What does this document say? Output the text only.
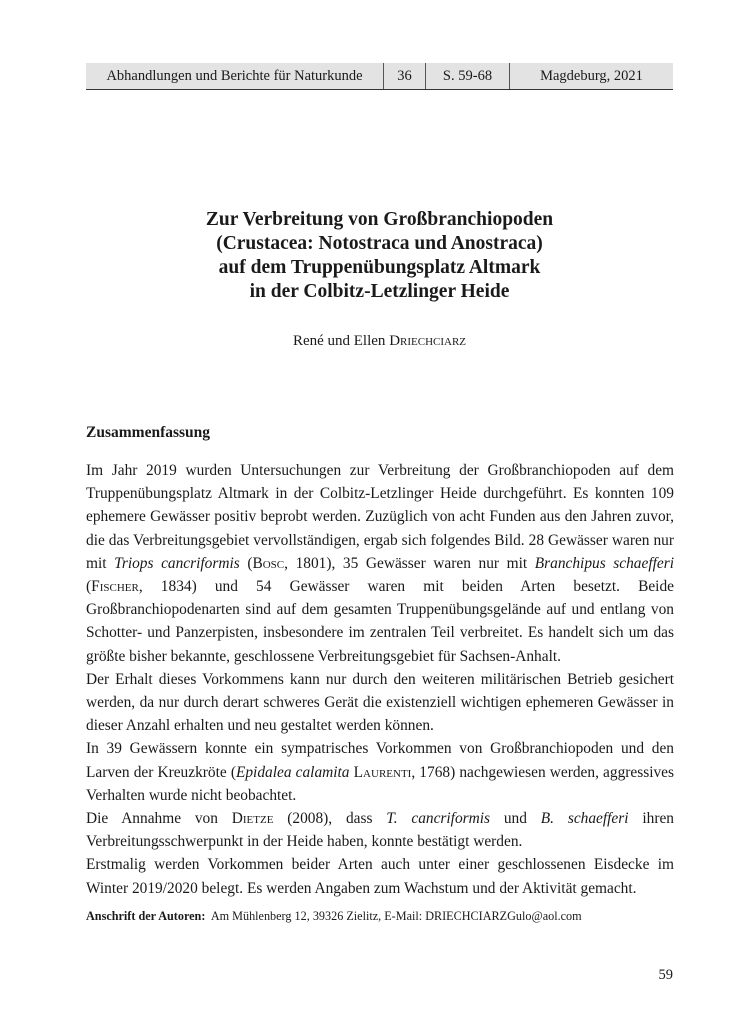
Abhandlungen und Berichte für Naturkunde	36	S. 59-68	Magdeburg, 2021
Zur Verbreitung von Großbranchiopoden
(Crustacea: Notostraca und Anostraca)
auf dem Truppenübungsplatz Altmark
in der Colbitz-Letzlinger Heide
René und Ellen Driechciarz
Zusammenfassung

Im Jahr 2019 wurden Untersuchungen zur Verbreitung der Großbranchiopoden auf dem Truppenübungsplatz Altmark in der Colbitz-Letzlinger Heide durchgeführt. Es konnten 109 ephemere Gewässer positiv beprobt werden. Zuzüglich von acht Funden aus den Jahren zuvor, die das Verbreitungsgebiet vervollständigen, ergab sich folgendes Bild. 28 Gewässer waren nur mit Triops cancriformis (Bosc, 1801), 35 Gewässer waren nur mit Branchipus schaefferi (Fischer, 1834) und 54 Gewässer waren mit beiden Arten besetzt. Beide Großbranchiopodenarten sind auf dem gesamten Truppenübungsgelände auf und entlang von Schotter- und Panzerpisten, insbesondere im zentralen Teil verbreitet. Es handelt sich um das größte bisher bekannte, geschlossene Verbreitungsgebiet für Sachsen-Anhalt.

Der Erhalt dieses Vorkommens kann nur durch den weiteren militärischen Betrieb gesichert werden, da nur durch derart schweres Gerät die existenziell wichtigen ephemeren Gewässer in dieser Anzahl erhalten und neu gestaltet werden können.

In 39 Gewässern konnte ein sympatrisches Vorkommen von Großbranchiopoden und den Larven der Kreuzkröte (Epidalea calamita Laurenti, 1768) nachgewiesen werden, aggressives Verhalten wurde nicht beobachtet.

Die Annahme von Dietze (2008), dass T. cancriformis und B. schaefferi ihren Verbreitungsschwerpunkt in der Heide haben, konnte bestätigt werden.

Erstmalig werden Vorkommen beider Arten auch unter einer geschlossenen Eisdecke im Winter 2019/2020 belegt. Es werden Angaben zum Wachstum und der Aktivität gemacht.

Anschrift der Autoren: Am Mühlenberg 12, 39326 Zielitz, E-Mail: DRIECHCIARZGulo@aol.com
59
